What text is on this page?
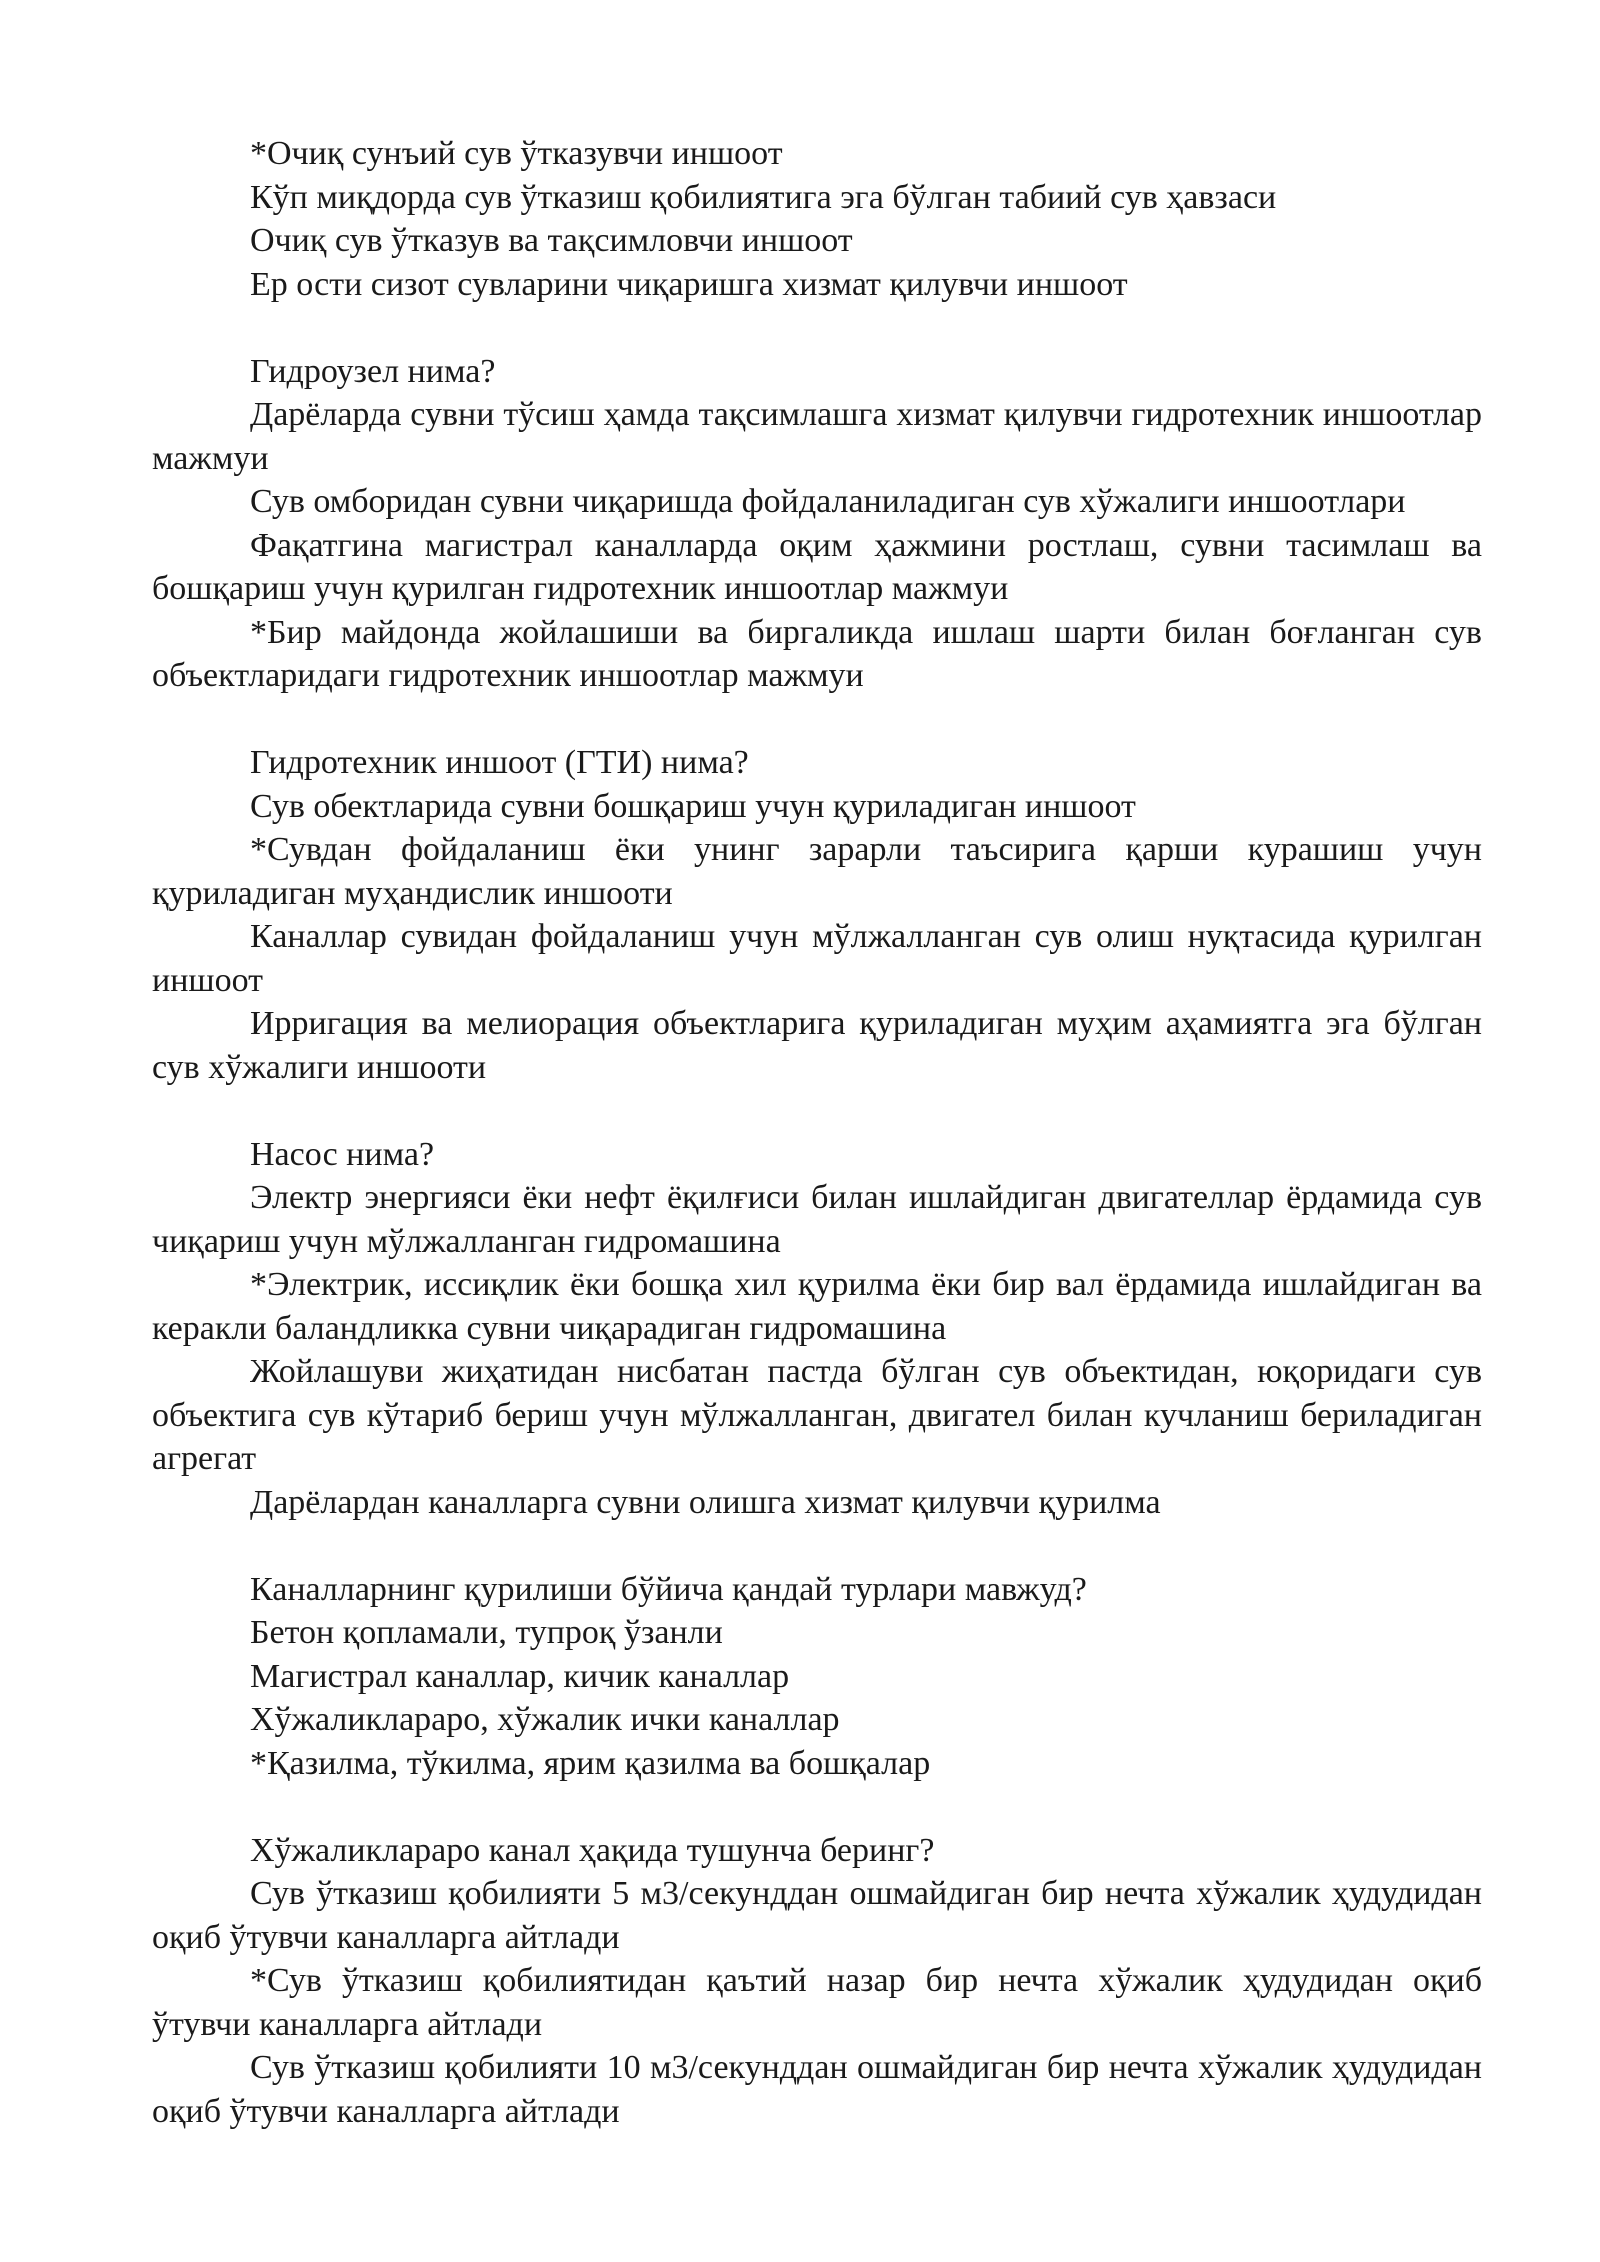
*Очиқ сунъий сув ўтказувчи иншоот

Кўп миқдорда сув ўтказиш қобилиятига эга бўлган табиий сув ҳавзаси

Очиқ сув ўтказув ва тақсимловчи иншоот

Ер ости сизот сувларини чиқаришга хизмат қилувчи иншоот

Гидроузел нима?

Дарёларда сувни тўсиш ҳамда тақсимлашга хизмат қилувчи гидротехник иншоотлар мажмуи

Сув омборидан сувни чиқаришда фойдаланиладиган сув хўжалиги иншоотлари

Фақатгина магистрал каналларда оқим ҳажмини ростлаш, сувни тасимлаш ва бошқариш учун қурилган гидротехник иншоотлар мажмуи

*Бир майдонда жойлашиши ва биргаликда ишлаш шарти билан боғланган сув объектларидаги гидротехник иншоотлар мажмуи

Гидротехник иншоот (ГТИ) нима?

Сув обектларида сувни бошқариш учун қуриладиган иншоот

*Сувдан фойдаланиш ёки унинг зарарли таъсирига қарши курашиш учун қуриладиган муҳандислик иншооти

Каналлар сувидан фойдаланиш учун мўлжалланган сув олиш нуқтасида қурилган иншоот

Ирригация ва мелиорация объектларига қуриладиган муҳим аҳамиятга эга бўлган сув хўжалиги иншооти

Насос нима?

Электр энергияси ёки нефт ёқилғиси билан ишлайдиган двигателлар ёрдамида сув чиқариш учун мўлжалланган гидромашина

*Электрик, иссиқлик ёки бошқа хил қурилма ёки бир вал ёрдамида ишлайдиган ва керакли баландликка сувни чиқарадиган гидромашина

Жойлашуви жиҳатидан нисбатан пастда бўлган сув объектидан, юқоридаги сув объектига сув кўтариб бериш учун мўлжалланган, двигател билан кучланиш бериладиган агрегат

Дарёлардан каналларга сувни олишга хизмат қилувчи қурилма

Каналларнинг қурилиши бўйича қандай турлари мавжуд?

Бетон қопламали, тупроқ ўзанли

Магистрал каналлар, кичик каналлар

Хўжаликлараро, хўжалик ички каналлар

*Қазилма, тўкилма, ярим қазилма ва бошқалар

Хўжаликлараро канал ҳақида тушунча беринг?

Сув ўтказиш қобилияти 5 м3/секунддан ошмайдиган бир нечта хўжалик ҳудудидан оқиб ўтувчи каналларга айтлади

*Сув ўтказиш қобилиятидан қаътий назар бир нечта хўжалик ҳудудидан оқиб ўтувчи каналларга айтлади

Сув ўтказиш қобилияти 10 м3/секунддан ошмайдиган бир нечта хўжалик ҳудудидан оқиб ўтувчи каналларга айтлади
